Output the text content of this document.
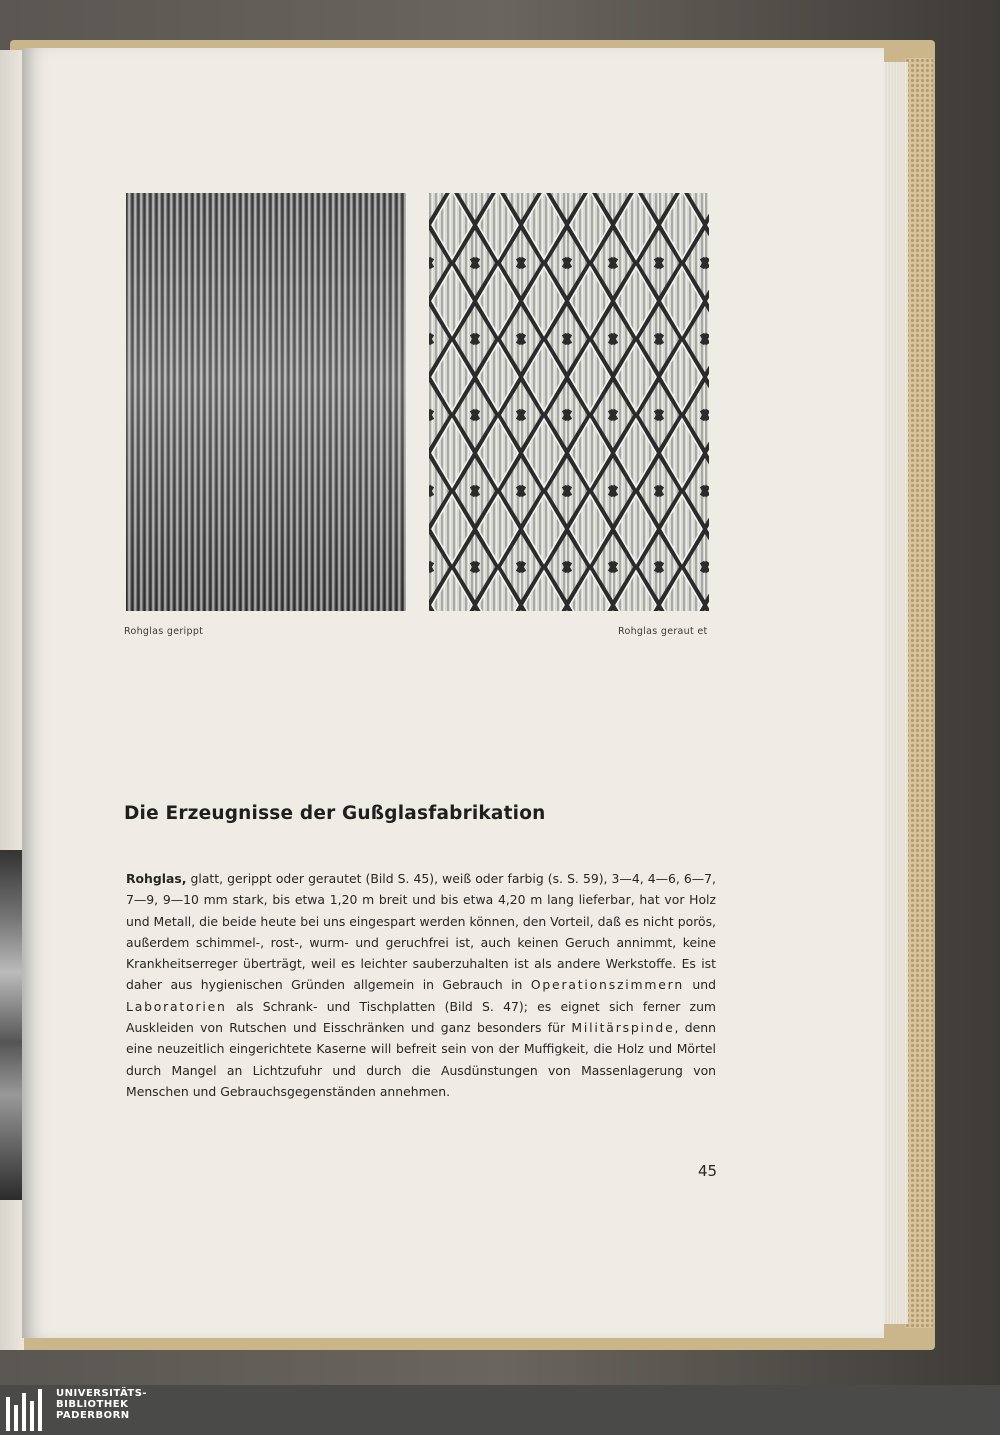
Rohglas gerippt	Rohglas geraut et
Die Erzeugnisse der Gußglasfabrikation

Rohglas, glatt, gerippt oder gerautet (Bild S. 45), weiß oder farbig (s. S. 59), 3—4, 4—6, 6—7, 7—9, 9—10 mm stark, bis etwa 1,20 m breit und bis etwa 4,20 m lang lieferbar, hat vor Holz und Metall, die beide heute bei uns eingespart werden können, den Vorteil, daß es nicht porös, außerdem schimmel-, rost-, wurm- und geruchfrei ist, auch keinen Geruch annimmt, keine Krankheitserreger überträgt, weil es leichter sauberzuhalten ist als andere Werkstoffe. Es ist daher aus hygienischen Gründen allgemein in Gebrauch in Operationszimmern und Laboratorien als Schrank- und Tischplatten (Bild S. 47); es eignet sich ferner zum Auskleiden von Rutschen und Eisschränken und ganz besonders für Militärspinde, denn eine neuzeitlich eingerichtete Kaserne will befreit sein von der Muffigkeit, die Holz und Mörtel durch Mangel an Lichtzufuhr und durch die Ausdünstungen von Massenlagerung von Menschen und Gebrauchsgegenständen annehmen.

45
UNIVERSITÄTS-
BIBLIOTHEK
PADERBORN
